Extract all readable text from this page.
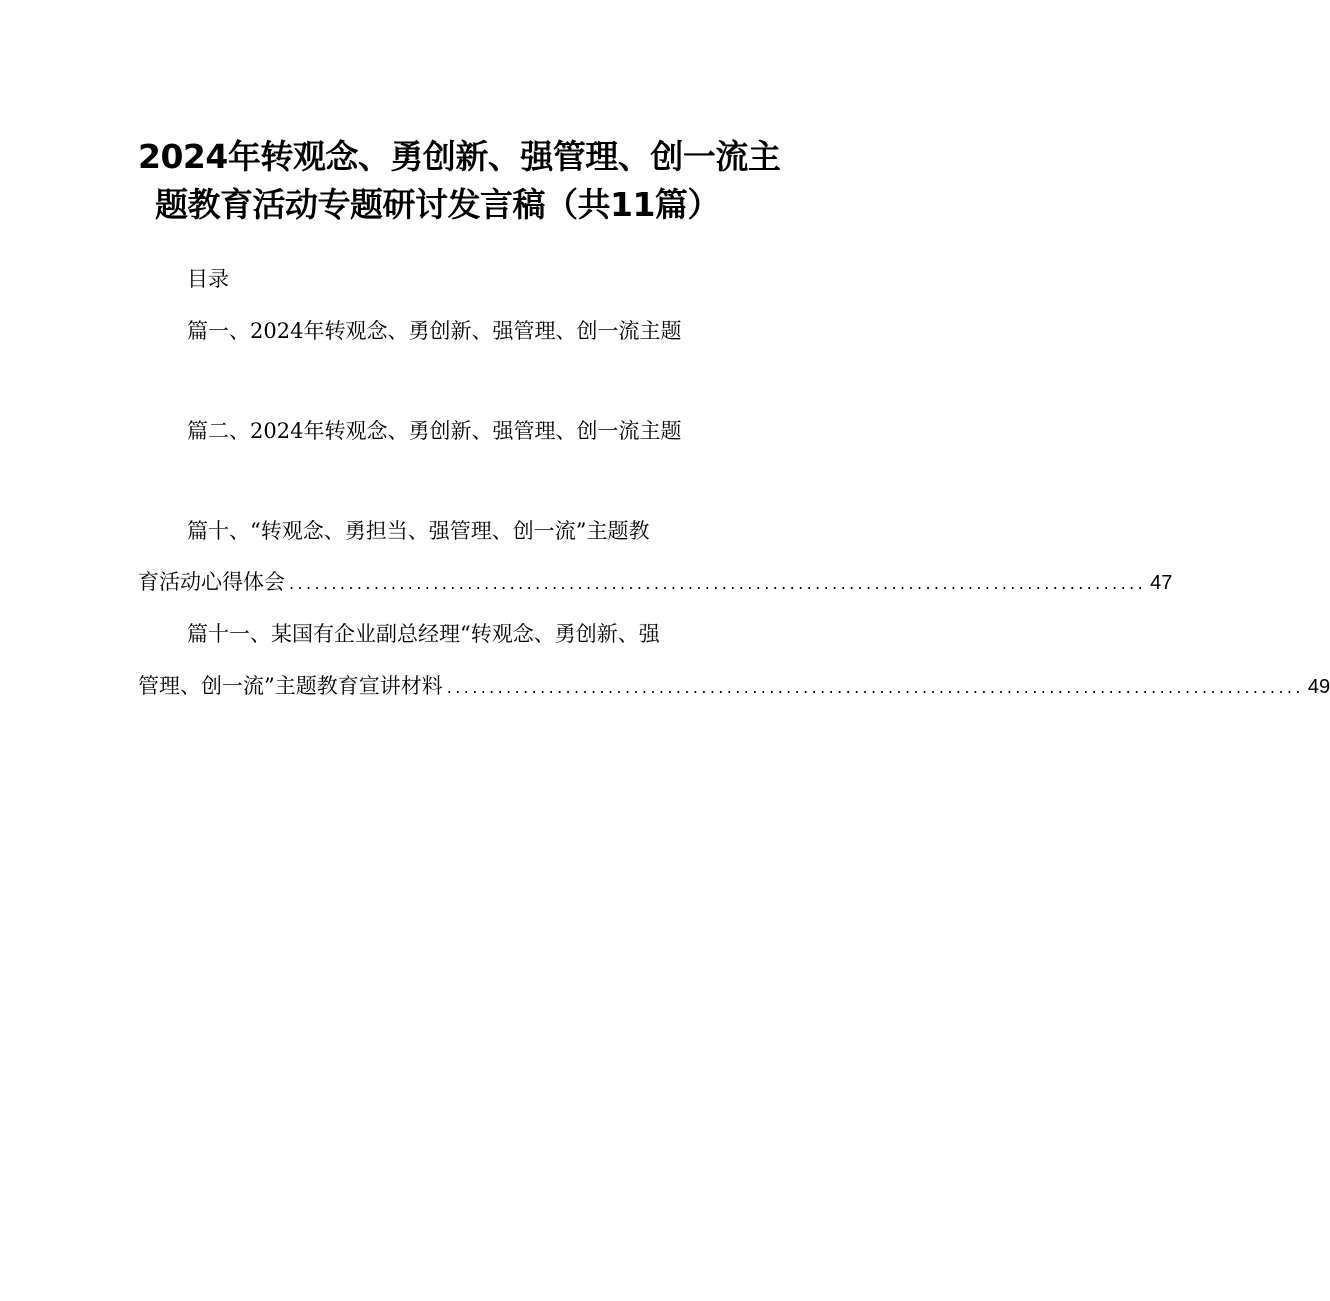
2024年转观念、勇创新、强管理、创一流主
题教育活动专题研讨发言稿（共11篇）
目录
篇一、2024年转观念、勇创新、强管理、创一流主题
篇二、2024年转观念、勇创新、强管理、创一流主题
篇十、“转观念、勇担当、强管理、创一流”主题教
育活动心得体会 ..................................................................................................... 47
篇十一、某国有企业副总经理“转观念、勇创新、强
管理、创一流”主题教育宣讲材料 ..................................................................................................... 49
